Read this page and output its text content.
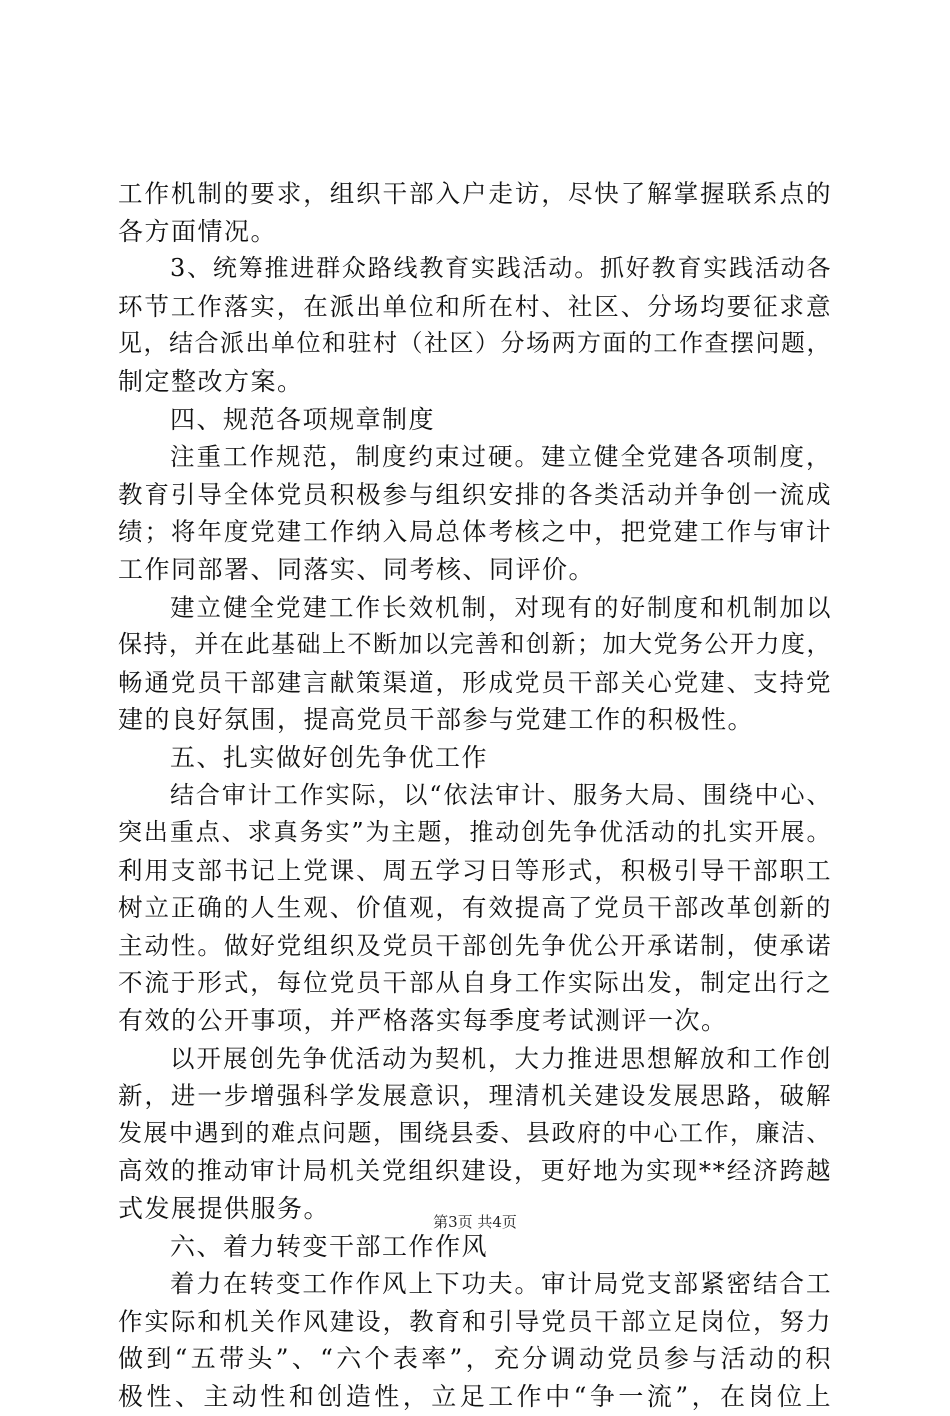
工作机制的要求，组织干部入户走访，尽快了解掌握联系点的
各方面情况。
3、统筹推进群众路线教育实践活动。抓好教育实践活动各
环节工作落实，在派出单位和所在村、社区、分场均要征求意
见，结合派出单位和驻村（社区）分场两方面的工作查摆问题，
制定整改方案。
四、规范各项规章制度
注重工作规范，制度约束过硬。建立健全党建各项制度，
教育引导全体党员积极参与组织安排的各类活动并争创一流成
绩；将年度党建工作纳入局总体考核之中，把党建工作与审计
工作同部署、同落实、同考核、同评价。
建立健全党建工作长效机制，对现有的好制度和机制加以
保持，并在此基础上不断加以完善和创新；加大党务公开力度，
畅通党员干部建言献策渠道，形成党员干部关心党建、支持党
建的良好氛围，提高党员干部参与党建工作的积极性。
五、扎实做好创先争优工作
结合审计工作实际，以“依法审计、服务大局、围绕中心、
突出重点、求真务实”为主题，推动创先争优活动的扎实开展。
利用支部书记上党课、周五学习日等形式，积极引导干部职工
树立正确的人生观、价值观，有效提高了党员干部改革创新的
主动性。做好党组织及党员干部创先争优公开承诺制，使承诺
不流于形式，每位党员干部从自身工作实际出发，制定出行之
有效的公开事项，并严格落实每季度考试测评一次。
以开展创先争优活动为契机，大力推进思想解放和工作创
新，进一步增强科学发展意识，理清机关建设发展思路，破解
发展中遇到的难点问题，围绕县委、县政府的中心工作，廉洁、
高效的推动审计局机关党组织建设，更好地为实现**经济跨越
式发展提供服务。
六、着力转变干部工作作风
着力在转变工作作风上下功夫。审计局党支部紧密结合工
作实际和机关作风建设，教育和引导党员干部立足岗位，努力
做到“五带头”、“六个表率”，充分调动党员参与活动的积
极性、主动性和创造性，立足工作中“争一流”，在岗位上
第3页 共4页
